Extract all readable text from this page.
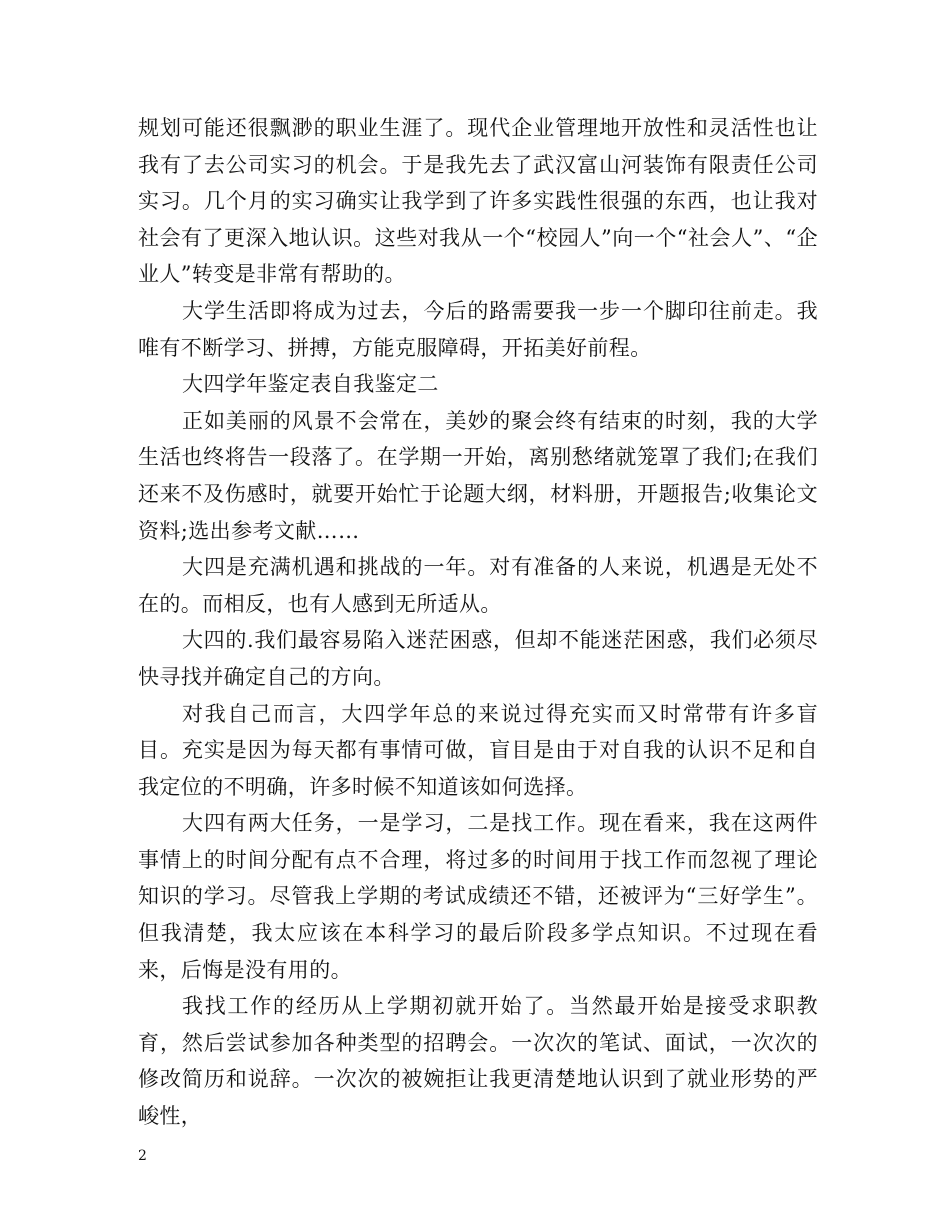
规划可能还很飘渺的职业生涯了。现代企业管理地开放性和灵活性也让我有了去公司实习的机会。于是我先去了武汉富山河装饰有限责任公司实习。几个月的实习确实让我学到了许多实践性很强的东西，也让我对社会有了更深入地认识。这些对我从一个“校园人”向一个“社会人”、“企业人”转变是非常有帮助的。

大学生活即将成为过去，今后的路需要我一步一个脚印往前走。我唯有不断学习、拼搏，方能克服障碍，开拓美好前程。

大四学年鉴定表自我鉴定二

正如美丽的风景不会常在，美妙的聚会终有结束的时刻，我的大学生活也终将告一段落了。在学期一开始，离别愁绪就笼罩了我们;在我们还来不及伤感时，就要开始忙于论题大纲，材料册，开题报告;收集论文资料;选出参考文献……

大四是充满机遇和挑战的一年。对有准备的人来说，机遇是无处不在的。而相反，也有人感到无所适从。

大四的.我们最容易陷入迷茫困惑，但却不能迷茫困惑，我们必须尽快寻找并确定自己的方向。

对我自己而言，大四学年总的来说过得充实而又时常带有许多盲目。充实是因为每天都有事情可做，盲目是由于对自我的认识不足和自我定位的不明确，许多时候不知道该如何选择。

大四有两大任务，一是学习，二是找工作。现在看来，我在这两件事情上的时间分配有点不合理，将过多的时间用于找工作而忽视了理论知识的学习。尽管我上学期的考试成绩还不错，还被评为“三好学生”。但我清楚，我太应该在本科学习的最后阶段多学点知识。不过现在看来，后悔是没有用的。

我找工作的经历从上学期初就开始了。当然最开始是接受求职教育，然后尝试参加各种类型的招聘会。一次次的笔试、面试，一次次的修改简历和说辞。一次次的被婉拒让我更清楚地认识到了就业形势的严峻性，

2
